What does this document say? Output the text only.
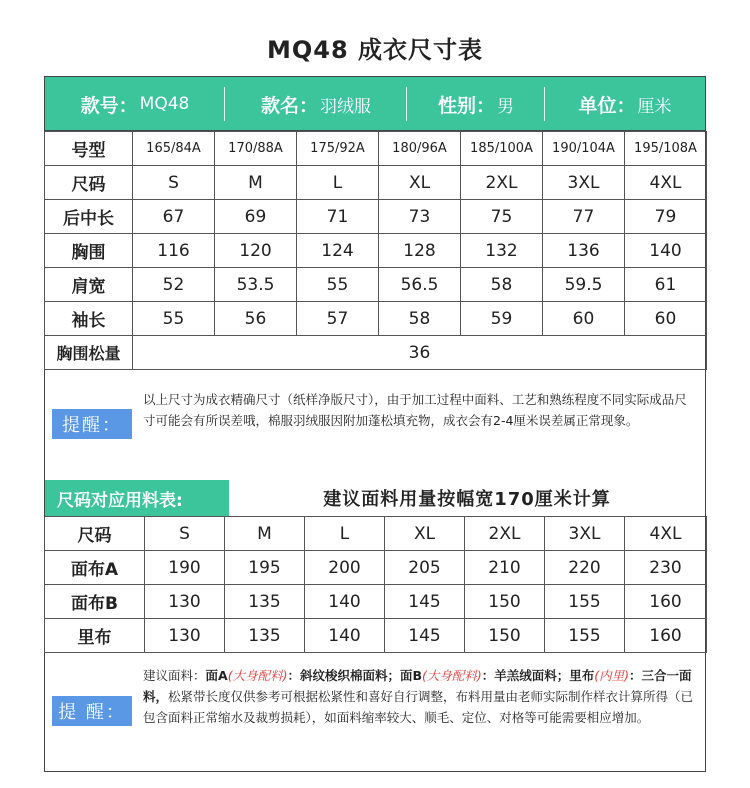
MQ48 成衣尺寸表
款号： MQ48	款名： 羽绒服	性别： 男	单位： 厘米
号型	165/84A	170/88A	175/92A	180/96A	185/100A	190/104A	195/108A
尺码	S	M	L	XL	2XL	3XL	4XL
后中长	67	69	71	73	75	77	79
胸围	116	120	124	128	132	136	140
肩宽	52	53.5	55	56.5	58	59.5	61
袖长	55	56	57	58	59	60	60
胸围松量	36						
提醒：
以上尺寸为成衣精确尺寸（纸样净版尺寸），由于加工过程中面料、工艺和熟练程度不同实际成品尺寸可能会有所误差哦，棉服羽绒服因附加蓬松填充物，成衣会有2-4厘米误差属正常现象。
尺码对应用料表:	建议面料用量按幅宽170厘米计算
尺码	S	M	L	XL	2XL	3XL	4XL
面布A	190	195	200	205	210	220	230
面布B	130	135	140	145	150	155	160
里布	130	135	140	145	150	155	160
提 醒：
建议面料：面A(大身配料)：斜纹梭织棉面料；面B(大身配料)：羊羔绒面料；里布(内里)：三合一面料，松紧带长度仅供参考可根据松紧性和喜好自行调整，布料用量由老师实际制作样衣计算所得（已包含面料正常缩水及裁剪损耗），如面料缩率较大、顺毛、定位、对格等可能需要相应增加。
